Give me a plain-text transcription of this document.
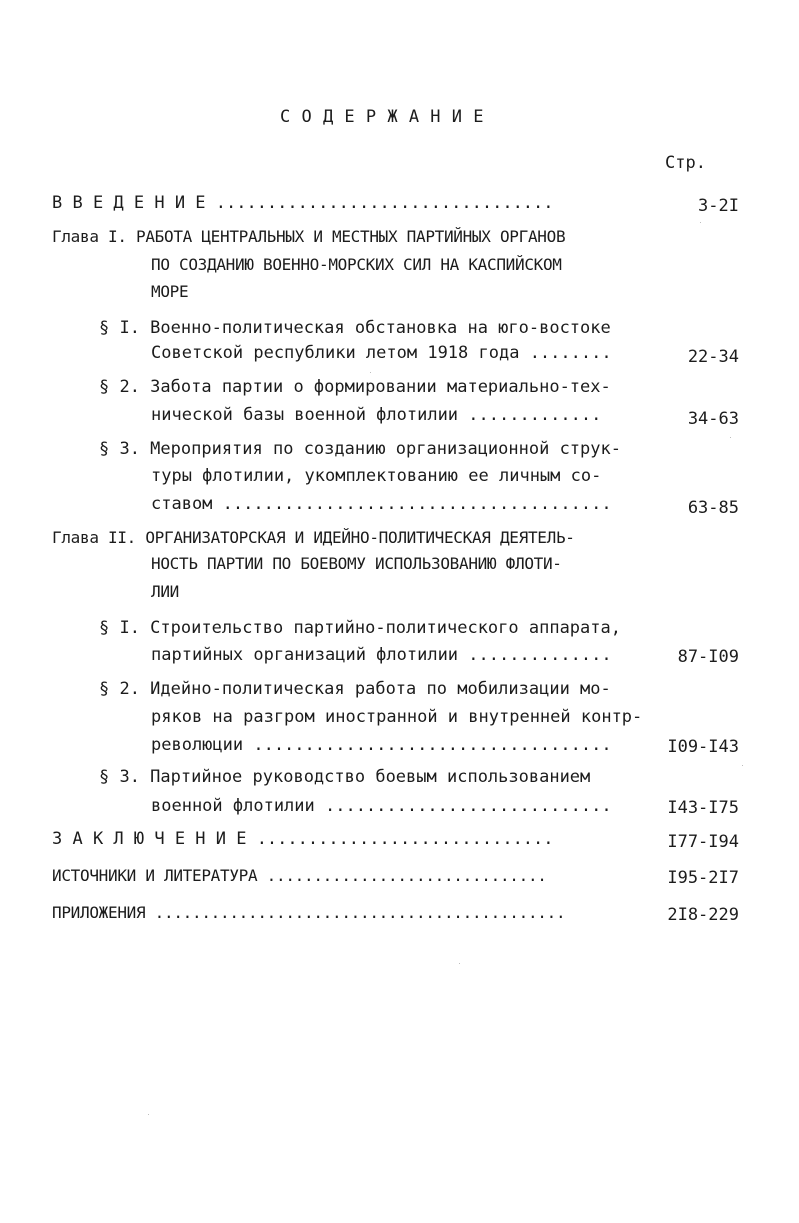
С О Д Е Р Ж А Н И Е
Стр.
В В Е Д Е Н И Е .................................	3-2I
Глава I. РАБОТА ЦЕНТРАЛЬНЫХ И МЕСТНЫХ ПАРТИЙНЫХ ОРГАНОВ
ПО СОЗДАНИЮ ВОЕННО-МОРСКИХ СИЛ НА КАСПИЙСКОМ
МОРЕ
§ I. Военно-политическая обстановка на юго-востоке
Советской республики летом 1918 года ........	22-34
§ 2. Забота партии о формировании материально-тех-
нической базы военной флотилии .............	34-63
§ 3. Мероприятия по созданию организационной струк-
туры флотилии, укомплектованию ее личным со-
ставом ......................................	63-85
Глава II. ОРГАНИЗАТОРСКАЯ И ИДЕЙНО-ПОЛИТИЧЕСКАЯ ДЕЯТЕЛЬ-
НОСТЬ ПАРТИИ ПО БОЕВОМУ ИСПОЛЬЗОВАНИЮ ФЛОТИ-
ЛИИ
§ I. Строительство партийно-политического аппарата,
партийных организаций флотилии ..............	87-I09
§ 2. Идейно-политическая работа по мобилизации мо-
ряков на разгром иностранной и внутренней контр-
революции ...................................	I09-I43
§ 3. Партийное руководство боевым использованием
военной флотилии ............................	I43-I75
З А К Л Ю Ч Е Н И Е .............................	I77-I94
ИСТОЧНИКИ И ЛИТЕРАТУРА ..............................	I95-2I7
ПРИЛОЖЕНИЯ ............................................	2I8-229
